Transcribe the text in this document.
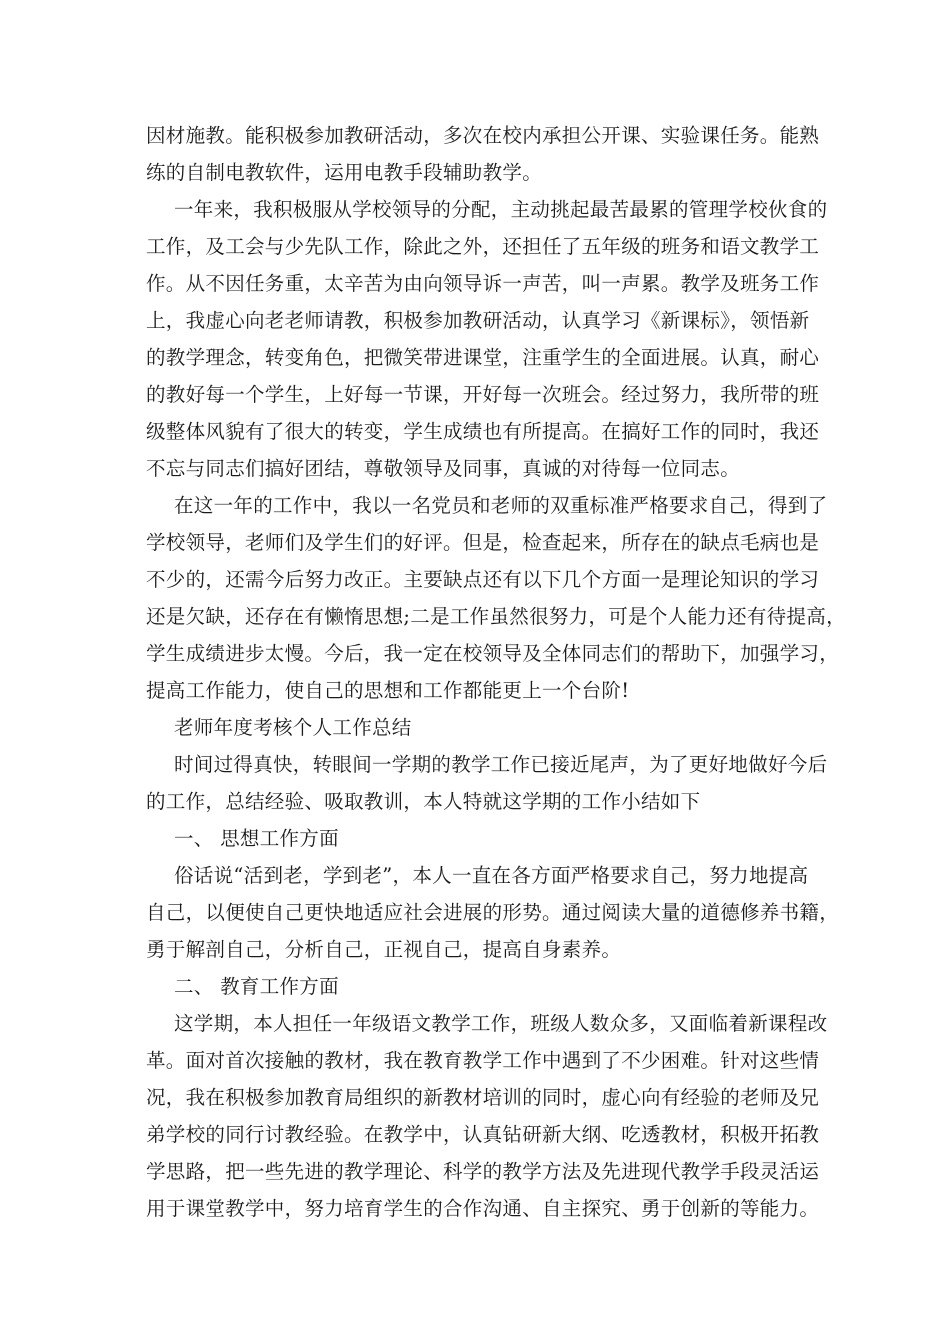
因材施教。能积极参加教研活动，多次在校内承担公开课、实验课任务。能熟
练的自制电教软件，运用电教手段辅助教学。
一年来，我积极服从学校领导的分配，主动挑起最苦最累的管理学校伙食的
工作，及工会与少先队工作，除此之外，还担任了五年级的班务和语文教学工
作。从不因任务重，太辛苦为由向领导诉一声苦，叫一声累。教学及班务工作
上，我虚心向老老师请教，积极参加教研活动，认真学习《新课标》，领悟新
的教学理念，转变角色，把微笑带进课堂，注重学生的全面进展。认真，耐心
的教好每一个学生，上好每一节课，开好每一次班会。经过努力，我所带的班
级整体风貌有了很大的转变，学生成绩也有所提高。在搞好工作的同时，我还
不忘与同志们搞好团结，尊敬领导及同事，真诚的对待每一位同志。
在这一年的工作中，我以一名党员和老师的双重标准严格要求自己，得到了
学校领导，老师们及学生们的好评。但是，检查起来，所存在的缺点毛病也是
不少的，还需今后努力改正。主要缺点还有以下几个方面一是理论知识的学习
还是欠缺，还存在有懒惰思想;二是工作虽然很努力，可是个人能力还有待提高，
学生成绩进步太慢。今后，我一定在校领导及全体同志们的帮助下，加强学习，
提高工作能力，使自己的思想和工作都能更上一个台阶!
老师年度考核个人工作总结
时间过得真快，转眼间一学期的教学工作已接近尾声，为了更好地做好今后
的工作，总结经验、吸取教训，本人特就这学期的工作小结如下
一、 思想工作方面
俗话说“活到老，学到老”，本人一直在各方面严格要求自己，努力地提高
自己，以便使自己更快地适应社会进展的形势。通过阅读大量的道德修养书籍，
勇于解剖自己，分析自己，正视自己，提高自身素养。
二、 教育工作方面
这学期，本人担任一年级语文教学工作，班级人数众多，又面临着新课程改
革。面对首次接触的教材，我在教育教学工作中遇到了不少困难。针对这些情
况，我在积极参加教育局组织的新教材培训的同时，虚心向有经验的老师及兄
弟学校的同行讨教经验。在教学中，认真钻研新大纲、吃透教材，积极开拓教
学思路，把一些先进的教学理论、科学的教学方法及先进现代教学手段灵活运
用于课堂教学中，努力培育学生的合作沟通、自主探究、勇于创新的等能力。
